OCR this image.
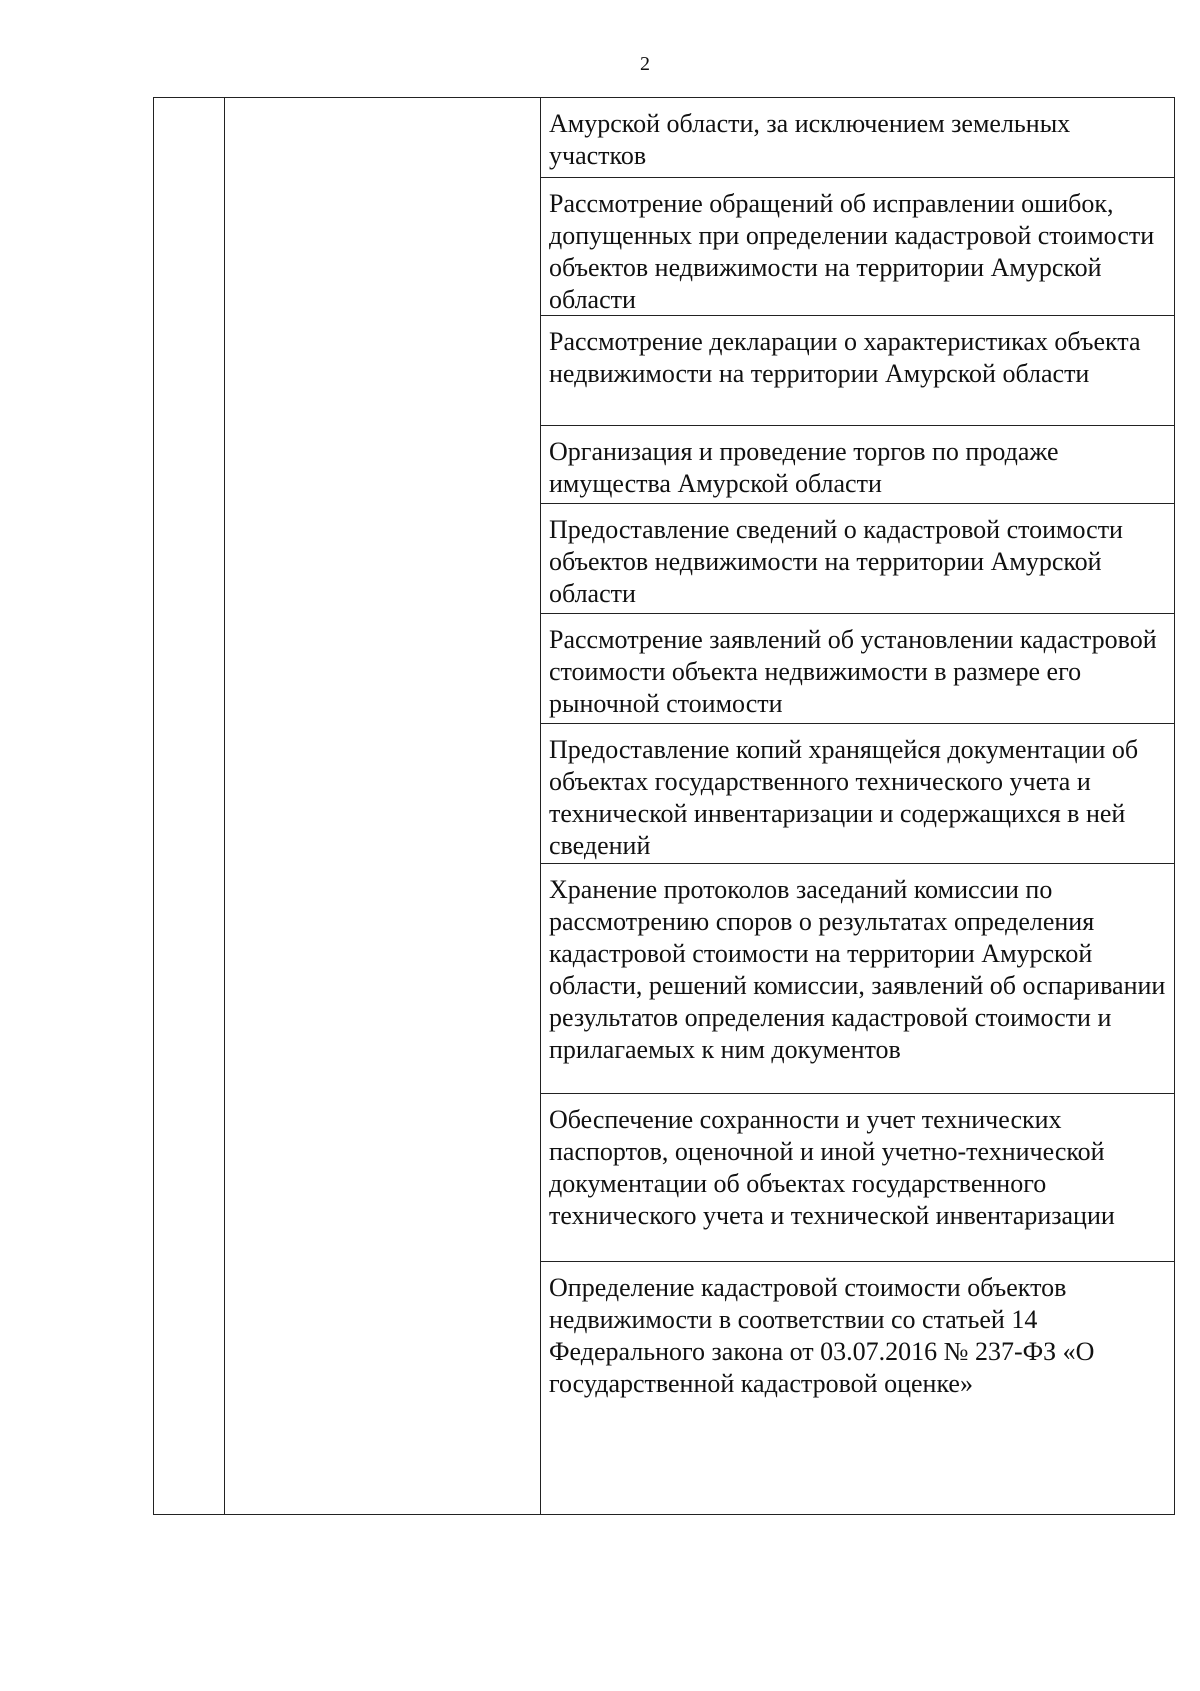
2

Амурской области, за исключением земельных участков
Рассмотрение обращений об исправлении ошибок, допущенных при определении кадастровой стоимости объектов недвижимости на территории Амурской области
Рассмотрение декларации о характеристиках объекта недвижимости на территории Амурской области
Организация и проведение торгов по продаже имущества Амурской области
Предоставление сведений о кадастровой стоимости объектов недвижимости на территории Амурской области
Рассмотрение заявлений об установлении кадастровой стоимости объекта недвижимости в размере его рыночной стоимости
Предоставление копий хранящейся документации об объектах государственного технического учета и технической инвентаризации и содержащихся в ней сведений
Хранение протоколов заседаний комиссии по рассмотрению споров о результатах определения кадастровой стоимости на территории Амурской области, решений комиссии, заявлений об оспаривании результатов определения кадастровой стоимости и прилагаемых к ним документов
Обеспечение сохранности и учет технических паспортов, оценочной и иной учетно-технической документации об объектах государственного технического учета и технической инвентаризации
Определение кадастровой стоимости объектов недвижимости в соответствии со статьей 14 Федерального закона от 03.07.2016 № 237-ФЗ «О государственной кадастровой оценке»
